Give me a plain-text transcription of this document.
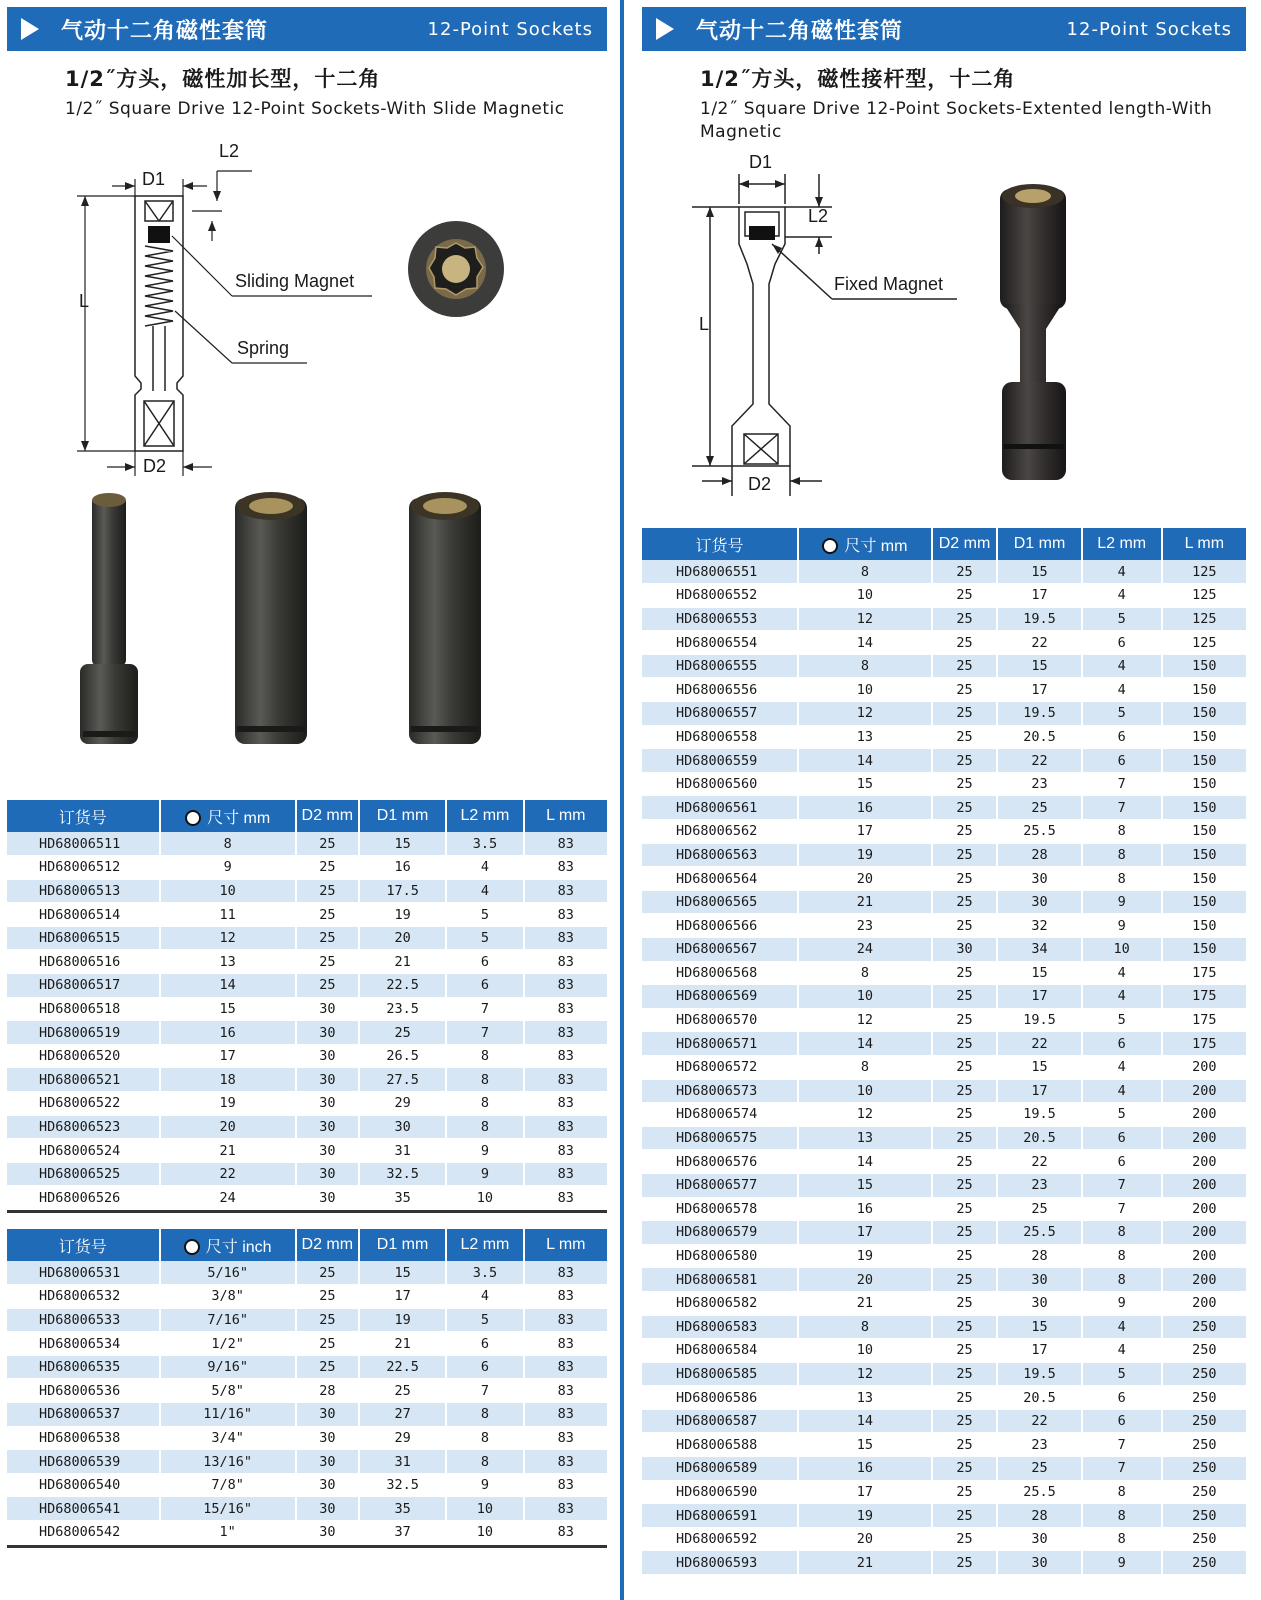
气动十二角磁性套筒	12-Point Sockets
1/2˝方头，磁性加长型，十二角
1/2˝ Square Drive 12-Point Sockets-With Slide Magnetic
D1
L2
L
D2
Sliding Magnet
Spring
订货号	尺寸 mm	D2 mm	D1 mm	L2 mm	L mm
HD68006511	8	25	15	3.5	83
HD68006512	9	25	16	4	83
HD68006513	10	25	17.5	4	83
HD68006514	11	25	19	5	83
HD68006515	12	25	20	5	83
HD68006516	13	25	21	6	83
HD68006517	14	25	22.5	6	83
HD68006518	15	30	23.5	7	83
HD68006519	16	30	25	7	83
HD68006520	17	30	26.5	8	83
HD68006521	18	30	27.5	8	83
HD68006522	19	30	29	8	83
HD68006523	20	30	30	8	83
HD68006524	21	30	31	9	83
HD68006525	22	30	32.5	9	83
HD68006526	24	30	35	10	83
订货号	尺寸 inch	D2 mm	D1 mm	L2 mm	L mm
HD68006531	5/16"	25	15	3.5	83
HD68006532	3/8"	25	17	4	83
HD68006533	7/16"	25	19	5	83
HD68006534	1/2"	25	21	6	83
HD68006535	9/16"	25	22.5	6	83
HD68006536	5/8"	28	25	7	83
HD68006537	11/16"	30	27	8	83
HD68006538	3/4"	30	29	8	83
HD68006539	13/16"	30	31	8	83
HD68006540	7/8"	30	32.5	9	83
HD68006541	15/16"	30	35	10	83
HD68006542	1"	30	37	10	83
气动十二角磁性套筒	12-Point Sockets
1/2˝方头，磁性接杆型，十二角
1/2˝ Square Drive 12-Point Sockets-Extented length-With Magnetic
D1
L2
L
D2
Fixed Magnet
订货号	尺寸 mm	D2 mm	D1 mm	L2 mm	L mm
HD68006551	8	25	15	4	125
HD68006552	10	25	17	4	125
HD68006553	12	25	19.5	5	125
HD68006554	14	25	22	6	125
HD68006555	8	25	15	4	150
HD68006556	10	25	17	4	150
HD68006557	12	25	19.5	5	150
HD68006558	13	25	20.5	6	150
HD68006559	14	25	22	6	150
HD68006560	15	25	23	7	150
HD68006561	16	25	25	7	150
HD68006562	17	25	25.5	8	150
HD68006563	19	25	28	8	150
HD68006564	20	25	30	8	150
HD68006565	21	25	30	9	150
HD68006566	23	25	32	9	150
HD68006567	24	30	34	10	150
HD68006568	8	25	15	4	175
HD68006569	10	25	17	4	175
HD68006570	12	25	19.5	5	175
HD68006571	14	25	22	6	175
HD68006572	8	25	15	4	200
HD68006573	10	25	17	4	200
HD68006574	12	25	19.5	5	200
HD68006575	13	25	20.5	6	200
HD68006576	14	25	22	6	200
HD68006577	15	25	23	7	200
HD68006578	16	25	25	7	200
HD68006579	17	25	25.5	8	200
HD68006580	19	25	28	8	200
HD68006581	20	25	30	8	200
HD68006582	21	25	30	9	200
HD68006583	8	25	15	4	250
HD68006584	10	25	17	4	250
HD68006585	12	25	19.5	5	250
HD68006586	13	25	20.5	6	250
HD68006587	14	25	22	6	250
HD68006588	15	25	23	7	250
HD68006589	16	25	25	7	250
HD68006590	17	25	25.5	8	250
HD68006591	19	25	28	8	250
HD68006592	20	25	30	8	250
HD68006593	21	25	30	9	250
